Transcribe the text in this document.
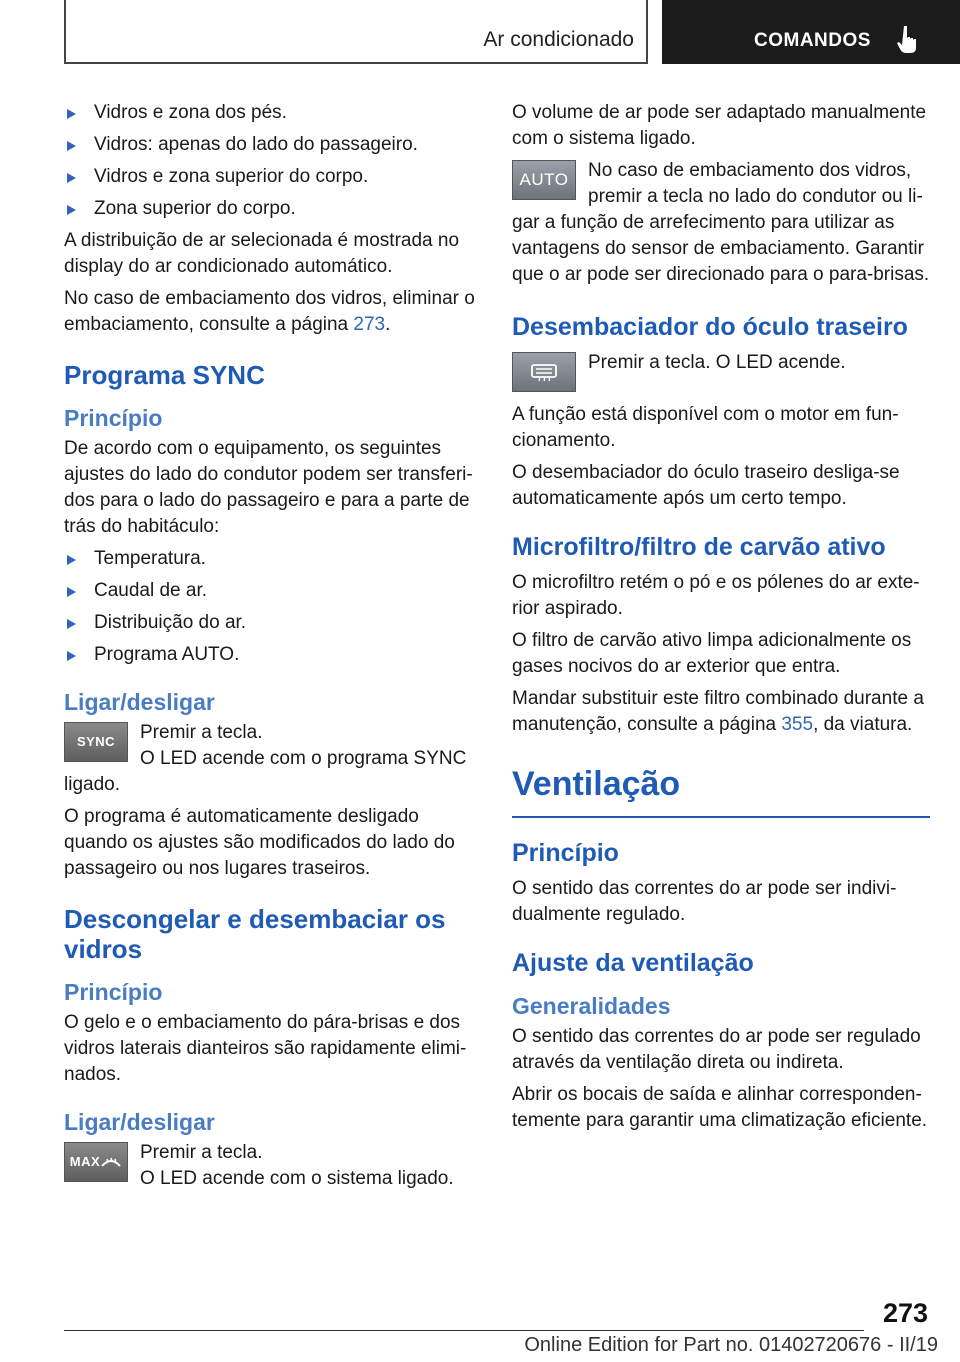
Ar condicionado	COMANDOS
Vidros e zona dos pés.
Vidros: apenas do lado do passageiro.
Vidros e zona superior do corpo.
Zona superior do corpo.

A distribuição de ar selecionada é mostrada no display do ar condicionado automático.

No caso de embaciamento dos vidros, eliminar o embaciamento, consulte a página 273.

Programa SYNC
Princípio

De acordo com o equipamento, os seguintes ajustes do lado do condutor podem ser transferi-dos para o lado do passageiro e para a parte de trás do habitáculo:

Temperatura.
Caudal de ar.
Distribuição do ar.
Programa AUTO.
Ligar/desligar
SYNC	Premir a tecla.
O LED acende com o programa SYNC ligado.

O programa é automaticamente desligado quando os ajustes são modificados do lado do passageiro ou nos lugares traseiros.

Descongelar e desembaciar os vidros
Princípio

O gelo e o embaciamento do pára-brisas e dos vidros laterais dianteiros são rapidamente elimi-nados.

Ligar/desligar
MAX	Premir a tecla.
O LED acende com o sistema ligado.

O volume de ar pode ser adaptado manualmente com o sistema ligado.

AUTO	No caso de embaciamento dos vidros, premir a tecla no lado do condutor ou li-gar a função de arrefecimento para utilizar as vantagens do sensor de embaciamento. Garantir que o ar pode ser direcionado para o para-brisas.
Desembaciador do óculo traseiro
Premir a tecla. O LED acende.

A função está disponível com o motor em fun-cionamento.

O desembaciador do óculo traseiro desliga-se automaticamente após um certo tempo.

Microfiltro/filtro de carvão ativo

O microfiltro retém o pó e os pólenes do ar exte-rior aspirado.

O filtro de carvão ativo limpa adicionalmente os gases nocivos do ar exterior que entra.

Mandar substituir este filtro combinado durante a manutenção, consulte a página 355, da viatura.

Ventilação
Princípio

O sentido das correntes do ar pode ser indivi-dualmente regulado.

Ajuste da ventilação
Generalidades

O sentido das correntes do ar pode ser regulado através da ventilação direta ou indireta.

Abrir os bocais de saída e alinhar corresponden-temente para garantir uma climatização eficiente.

273
Online Edition for Part no. 01402720676 - II/19
